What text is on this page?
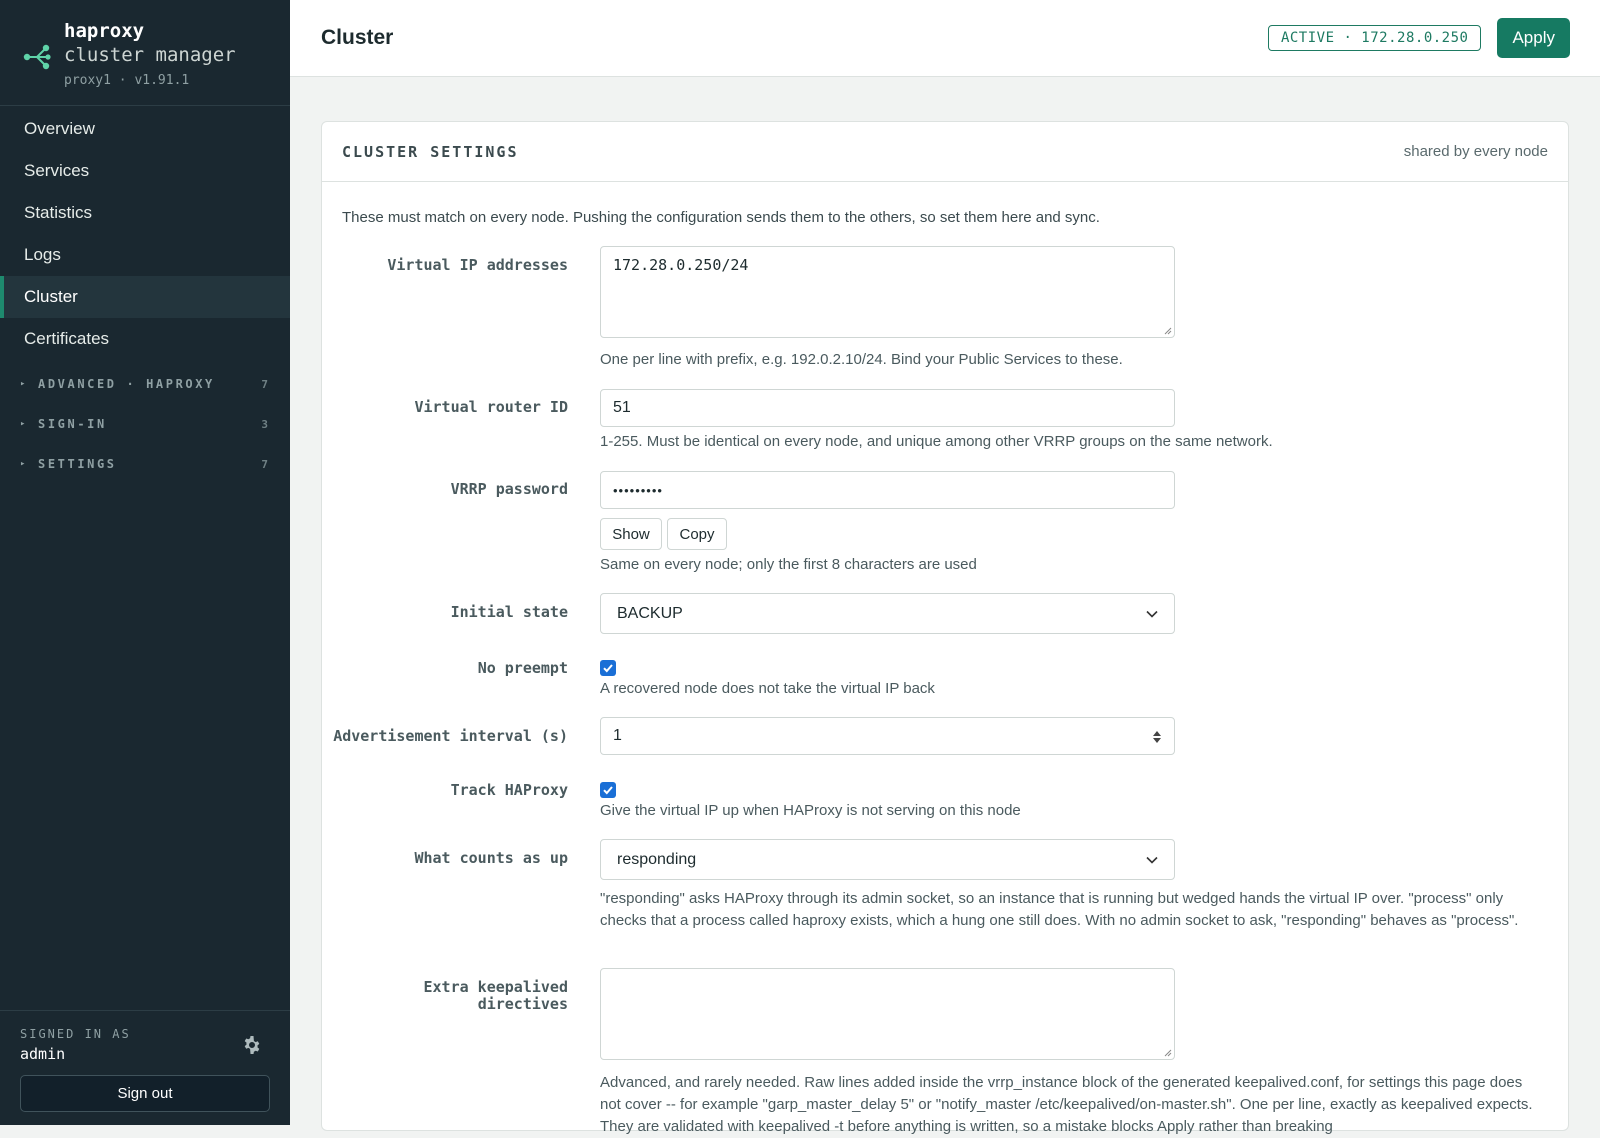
haproxy
cluster manager
proxy1 · v1.91.1
Overview
Services
Statistics
Logs
Cluster
Certificates
▸ ADVANCED · HAPROXY	7
▸ SIGN-IN	3
▸ SETTINGS	7
SIGNED IN AS
admin
Sign out
Cluster	ACTIVE · 172.28.0.250	Apply
CLUSTER SETTINGS	shared by every node
These must match on every node. Pushing the configuration sends them to the others, so set them here and sync.
Virtual IP addresses	172.28.0.250/24
One per line with prefix, e.g. 192.0.2.10/24. Bind your Public Services to these.
Virtual router ID	51
1-255. Must be identical on every node, and unique among other VRRP groups on the same network.
VRRP password	•••••••••
Show	Copy
Same on every node; only the first 8 characters are used
Initial state	BACKUP
No preempt
A recovered node does not take the virtual IP back
Advertisement interval (s)	1
Track HAProxy
Give the virtual IP up when HAProxy is not serving on this node
What counts as up	responding
"responding" asks HAProxy through its admin socket, so an instance that is running but wedged hands the virtual IP over. "process" only checks that a process called haproxy exists, which a hung one still does. With no admin socket to ask, "responding" behaves as "process".
Extra keepalived directives
Advanced, and rarely needed. Raw lines added inside the vrrp_instance block of the generated keepalived.conf, for settings this page does not cover -- for example "garp_master_delay 5" or "notify_master /etc/keepalived/on-master.sh". One per line, exactly as keepalived expects. They are validated with keepalived -t before anything is written, so a mistake blocks Apply rather than breaking
